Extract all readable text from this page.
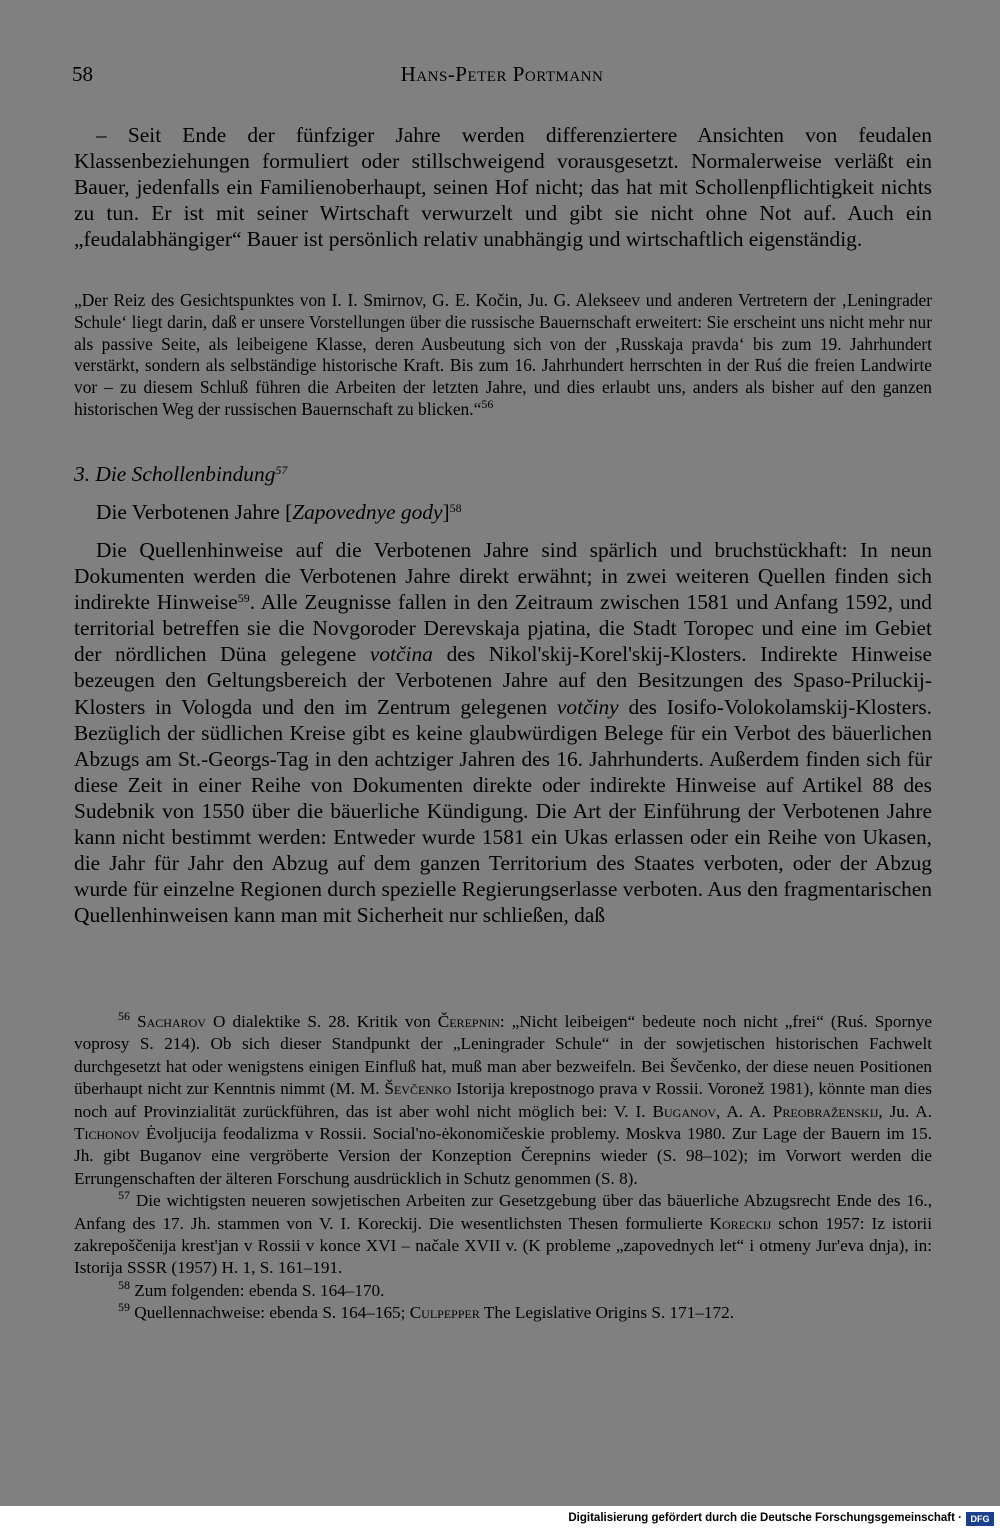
58	Hans-Peter Portmann

– Seit Ende der fünfziger Jahre werden differenziertere Ansichten von feudalen Klassenbeziehungen formuliert oder stillschweigend vorausgesetzt. Normalerweise verläßt ein Bauer, jedenfalls ein Familienoberhaupt, seinen Hof nicht; das hat mit Schollenpflichtigkeit nichts zu tun. Er ist mit seiner Wirtschaft verwurzelt und gibt sie nicht ohne Not auf. Auch ein „feudalabhängiger“ Bauer ist persönlich relativ unabhängig und wirtschaftlich eigenständig.

„Der Reiz des Gesichtspunktes von I. I. Smirnov, G. E. Kočin, Ju. G. Alekseev und anderen Vertretern der ‚Leningrader Schule‘ liegt darin, daß er unsere Vorstellungen über die russische Bauernschaft erweitert: Sie erscheint uns nicht mehr nur als passive Seite, als leibeigene Klasse, deren Ausbeutung sich von der ‚Russkaja pravda‘ bis zum 19. Jahrhundert verstärkt, sondern als selbständige historische Kraft. Bis zum 16. Jahrhundert herrschten in der Ruś die freien Landwirte vor – zu diesem Schluß führen die Arbeiten der letzten Jahre, und dies erlaubt uns, anders als bisher auf den ganzen historischen Weg der russischen Bauernschaft zu blicken.“$^{56}$

3. Die Schollenbindung$^{57}$
Die Verbotenen Jahre [Zapovednye gody]$^{58}$

Die Quellenhinweise auf die Verbotenen Jahre sind spärlich und bruchstückhaft: In neun Dokumenten werden die Verbotenen Jahre direkt erwähnt; in zwei weiteren Quellen finden sich indirekte Hinweise$^{59}$. Alle Zeugnisse fallen in den Zeitraum zwischen 1581 und Anfang 1592, und territorial betreffen sie die Novgoroder Derevskaja pjatina, die Stadt Toropec und eine im Gebiet der nördlichen Düna gelegene votčina des Nikol'skij-Korel'skij-Klosters. Indirekte Hinweise bezeugen den Geltungsbereich der Verbotenen Jahre auf den Besitzungen des Spaso-Priluckij-Klosters in Vologda und den im Zentrum gelegenen votčiny des Iosifo-Volokolamskij-Klosters. Bezüglich der südlichen Kreise gibt es keine glaubwürdigen Belege für ein Verbot des bäuerlichen Abzugs am St.-Georgs-Tag in den achtziger Jahren des 16. Jahrhunderts. Außerdem finden sich für diese Zeit in einer Reihe von Dokumenten direkte oder indirekte Hinweise auf Artikel 88 des Sudebnik von 1550 über die bäuerliche Kündigung. Die Art der Einführung der Verbotenen Jahre kann nicht bestimmt werden: Entweder wurde 1581 ein Ukas erlassen oder ein Reihe von Ukasen, die Jahr für Jahr den Abzug auf dem ganzen Territorium des Staates verboten, oder der Abzug wurde für einzelne Regionen durch spezielle Regierungserlasse verboten. Aus den fragmentarischen Quellenhinweisen kann man mit Sicherheit nur schließen, daß

$^{56}$ Sacharov O dialektike S. 28. Kritik von Čerepnin: „Nicht leibeigen“ bedeute noch nicht „frei“ (Ruś. Spornye voprosy S. 214). Ob sich dieser Standpunkt der „Leningrader Schule“ in der sowjetischen historischen Fachwelt durchgesetzt hat oder wenigstens einigen Einfluß hat, muß man aber bezweifeln. Bei Ševčenko, der diese neuen Positionen überhaupt nicht zur Kenntnis nimmt (M. M. Ševčenko Istorija krepostnogo prava v Rossii. Voronež 1981), könnte man dies noch auf Provinzialität zurückführen, das ist aber wohl nicht möglich bei: V. I. Buganov, A. A. Preobraženskij, Ju. A. Tichonov Ėvoljucija feodalizma v Rossii. Social'no-ėkonomičeskie problemy. Moskva 1980. Zur Lage der Bauern im 15. Jh. gibt Buganov eine vergröberte Version der Konzeption Čerepnins wieder (S. 98–102); im Vorwort werden die Errungenschaften der älteren Forschung ausdrücklich in Schutz genommen (S. 8).

$^{57}$ Die wichtigsten neueren sowjetischen Arbeiten zur Gesetzgebung über das bäuerliche Abzugsrecht Ende des 16., Anfang des 17. Jh. stammen von V. I. Koreckij. Die wesentlichsten Thesen formulierte Koreckij schon 1957: Iz istorii zakrepoščenija krest'jan v Rossii v konce XVI – načale XVII v. (K probleme „zapovednych let“ i otmeny Jur'eva dnja), in: Istorija SSSR (1957) H. 1, S. 161–191.

$^{58}$ Zum folgenden: ebenda S. 164–170.

$^{59}$ Quellennachweise: ebenda S. 164–165; Culpepper The Legislative Origins S. 171–172.

Digitalisierung gefördert durch die Deutsche Forschungsgemeinschaft · DFG
